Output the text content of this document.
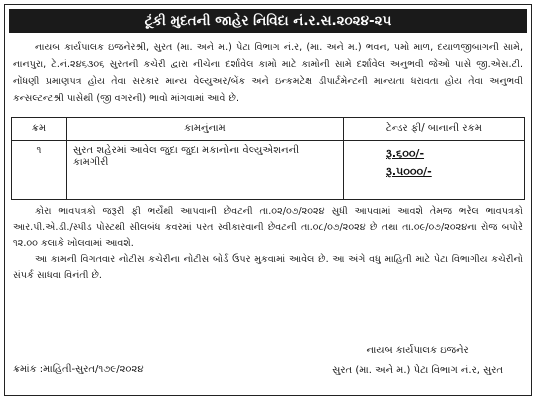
ટૂંકી મુદતની જાહેર નિવિદા નં.ર.સ.૨૦૨૪-૨૫

નાયબ કાર્યપાલક ઇજનેરશ્રી, સુરત (મા. અને મ.) પેટા વિભાગ નં.ર, (મા. અને મ.) ભવન, પમો માળ, દયાળજીબાગની સામે, નાનપુરા, ટે.નં.૨૪૬૩૦૬ સુરતની કચેરી દ્વારા નીચેના દર્શાવેલ કામો માટે કામોની સામે દર્શાવેલ અનુભવી જેઓ પાસે જી.એસ.ટી. નોંધણી પ્રમાણપત્ર હોય તેવા સરકાર માન્ય વેલ્યુઅર/બેંક અને ઇન્કમટેક્ષ ડીપાર્ટમેન્ટની માન્યતા ધરાવતા હોય તેવા અનુભવી કન્સલ્ટન્ટશ્રી પાસેથી (જી વગરની) ભાવો માંગવામાં આવે છે.

ક્રમ	કામનુંનામ	ટેન્ડર ફી/ બાનાની રકમ
૧	સુરત શહેરમાં આવેલ જુદા જુદા મકાનોના વેલ્યુએશનની કામગીરી	રૂ.૬૦૦/-
રૂ.૫૦૦૦/-

કોરા ભાવપત્રકો જરૂરી ફી ભર્યેથી આપવાની છેવટની તા.૦૨/૦૭/૨૦૨૪ સુધી આપવામાં આવશે તેમજ ભરેલ ભાવપત્રકો આર.પી.એ.ડી./સ્પીડ પોસ્ટથી સીલબંધ કવરમાં પરત સ્વીકારવાની છેવટની તા.૦૮/૦૭/૨૦૨૪ છે તથા તા.૦૯/૦૭/૨૦૨૪ના રોજ બપોરે ૧૨.૦૦ કલાકે ખોલવામાં આવશે.

આ કામની વિગતવાર નોટીસ કચેરીના નોટીસ બોર્ડ ઉપર મુકવામાં આવેલ છે. આ અંગે વધુ માહિતી માટે પેટા વિભાગીય કચેરીનો સંપર્ક સાધવા વિનંતી છે.

ક્રમાંક :માહિતી-સુરત/૧૭૯/૨૦૨૪
નાયબ કાર્યપાલક ઇજનેર
સુરત (મા. અને મ.) પેટા વિભાગ નં.ર, સુરત
